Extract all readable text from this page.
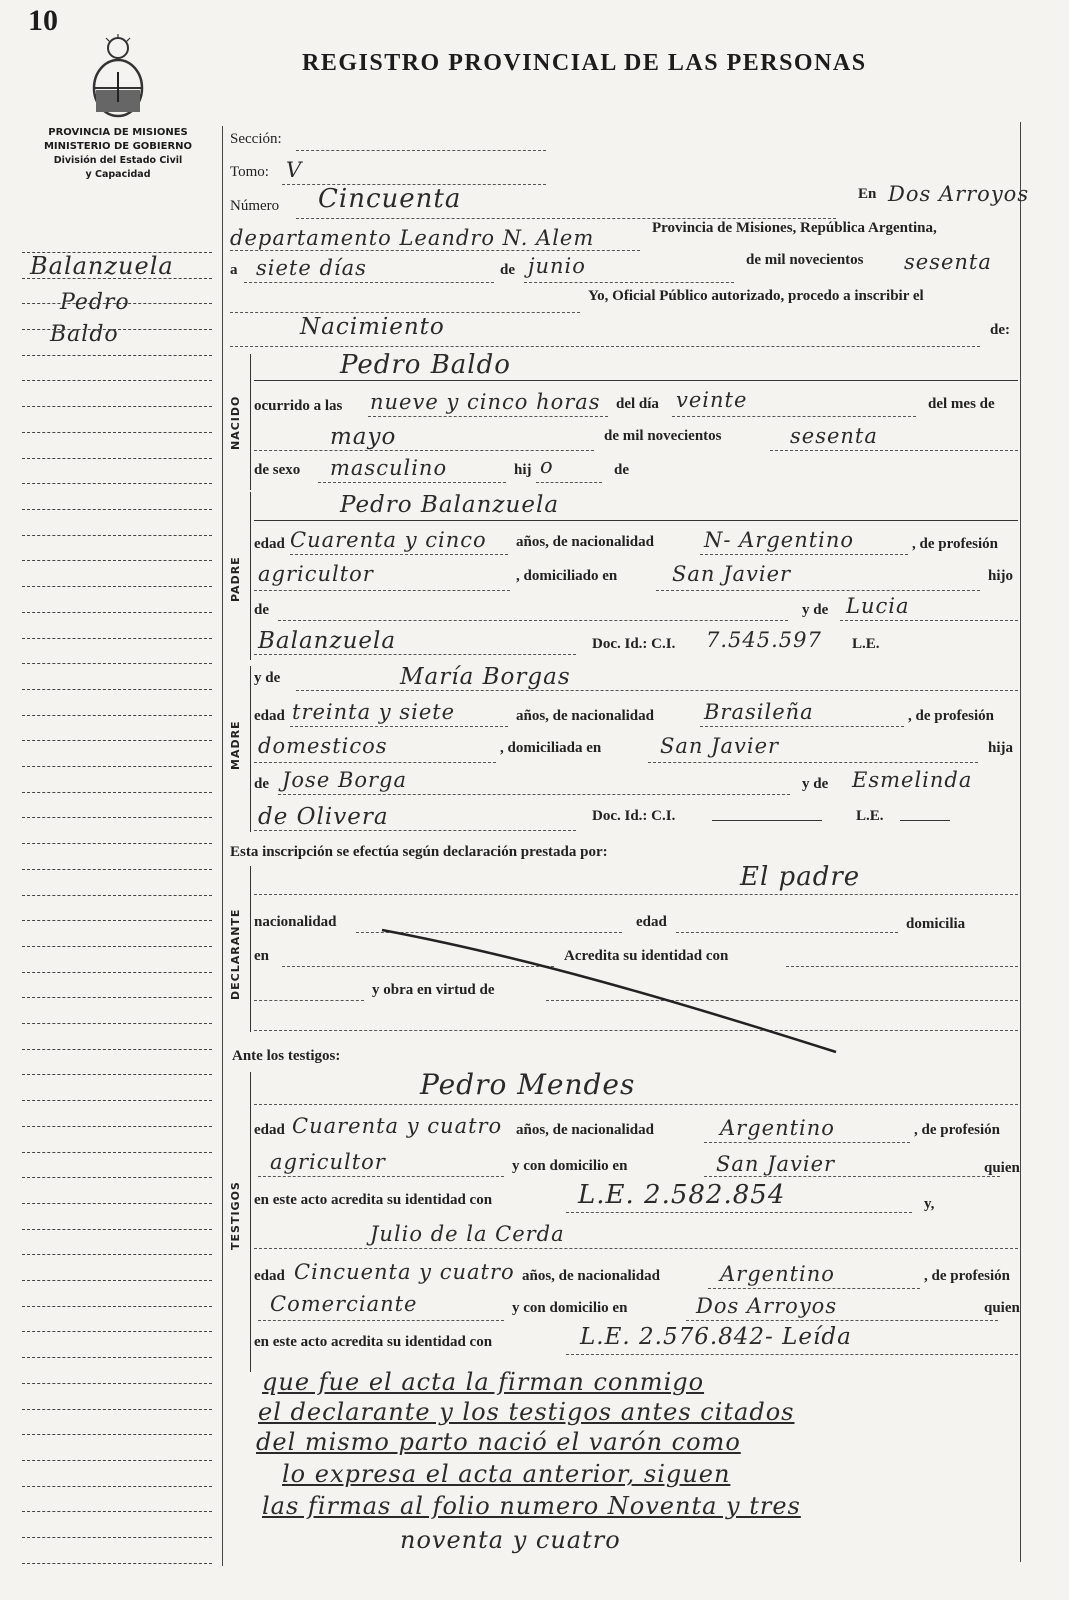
10
PROVINCIA DE MISIONES
MINISTERIO DE GOBIERNO
División del Estado Civil
y Capacidad
REGISTRO PROVINCIAL DE LAS PERSONAS
Balanzuela
Pedro
Baldo
Sección:
Tomo: V
Número Cincuenta	En Dos Arroyos
departamento Leandro N. Alem	Provincia de Misiones, República Argentina,
a siete días	de junio	de mil novecientos sesenta
Yo, Oficial Público autorizado, procedo a inscribir el
Nacimiento	de:
NACIDO
Pedro Baldo
ocurrido a las nueve y cinco horas del día veinte	del mes de
mayo	de mil novecientos	sesenta
de sexo masculino	hij o	de
PADRE
Pedro Balanzuela
edad Cuarenta y cinco años, de nacionalidad N- Argentino	, de profesión
agricultor	, domiciliado en	San Javier	hijo
de	y de Lucia
Balanzuela	Doc. Id.: C.I. 7.545.597 L.E.
MADRE
y de	María Borgas
edad treinta y siete	años, de nacionalidad Brasileña	, de profesión
domesticos	, domiciliada en	San Javier	hija
de Jose Borga	y de Esmelinda
de Olivera	Doc. Id.: C.I.	L.E.
Esta inscripción se efectúa según declaración prestada por:
DECLARANTE
El padre
nacionalidad	edad	domicilia
en	Acredita su identidad con
y obra en virtud de
Ante los testigos:
TESTIGOS
Pedro Mendes
edad Cuarenta y cuatro años, de nacionalidad	Argentino	, de profesión
agricultor	y con domicilio en	San Javier	quien
en este acto acredita su identidad con	L.E. 2.582.854	y,
Julio de la Cerda
edad Cincuenta y cuatro años, de nacionalidad	Argentino	, de profesión
Comerciante	y con domicilio en	Dos Arroyos	quien
en este acto acredita su identidad con	L.E. 2.576.842- Leída
que fue el acta la firman conmigo
el declarante y los testigos antes citados
del mismo parto nació el varón como
lo expresa el acta anterior, siguen
las firmas al folio numero Noventa y tres
noventa y cuatro
